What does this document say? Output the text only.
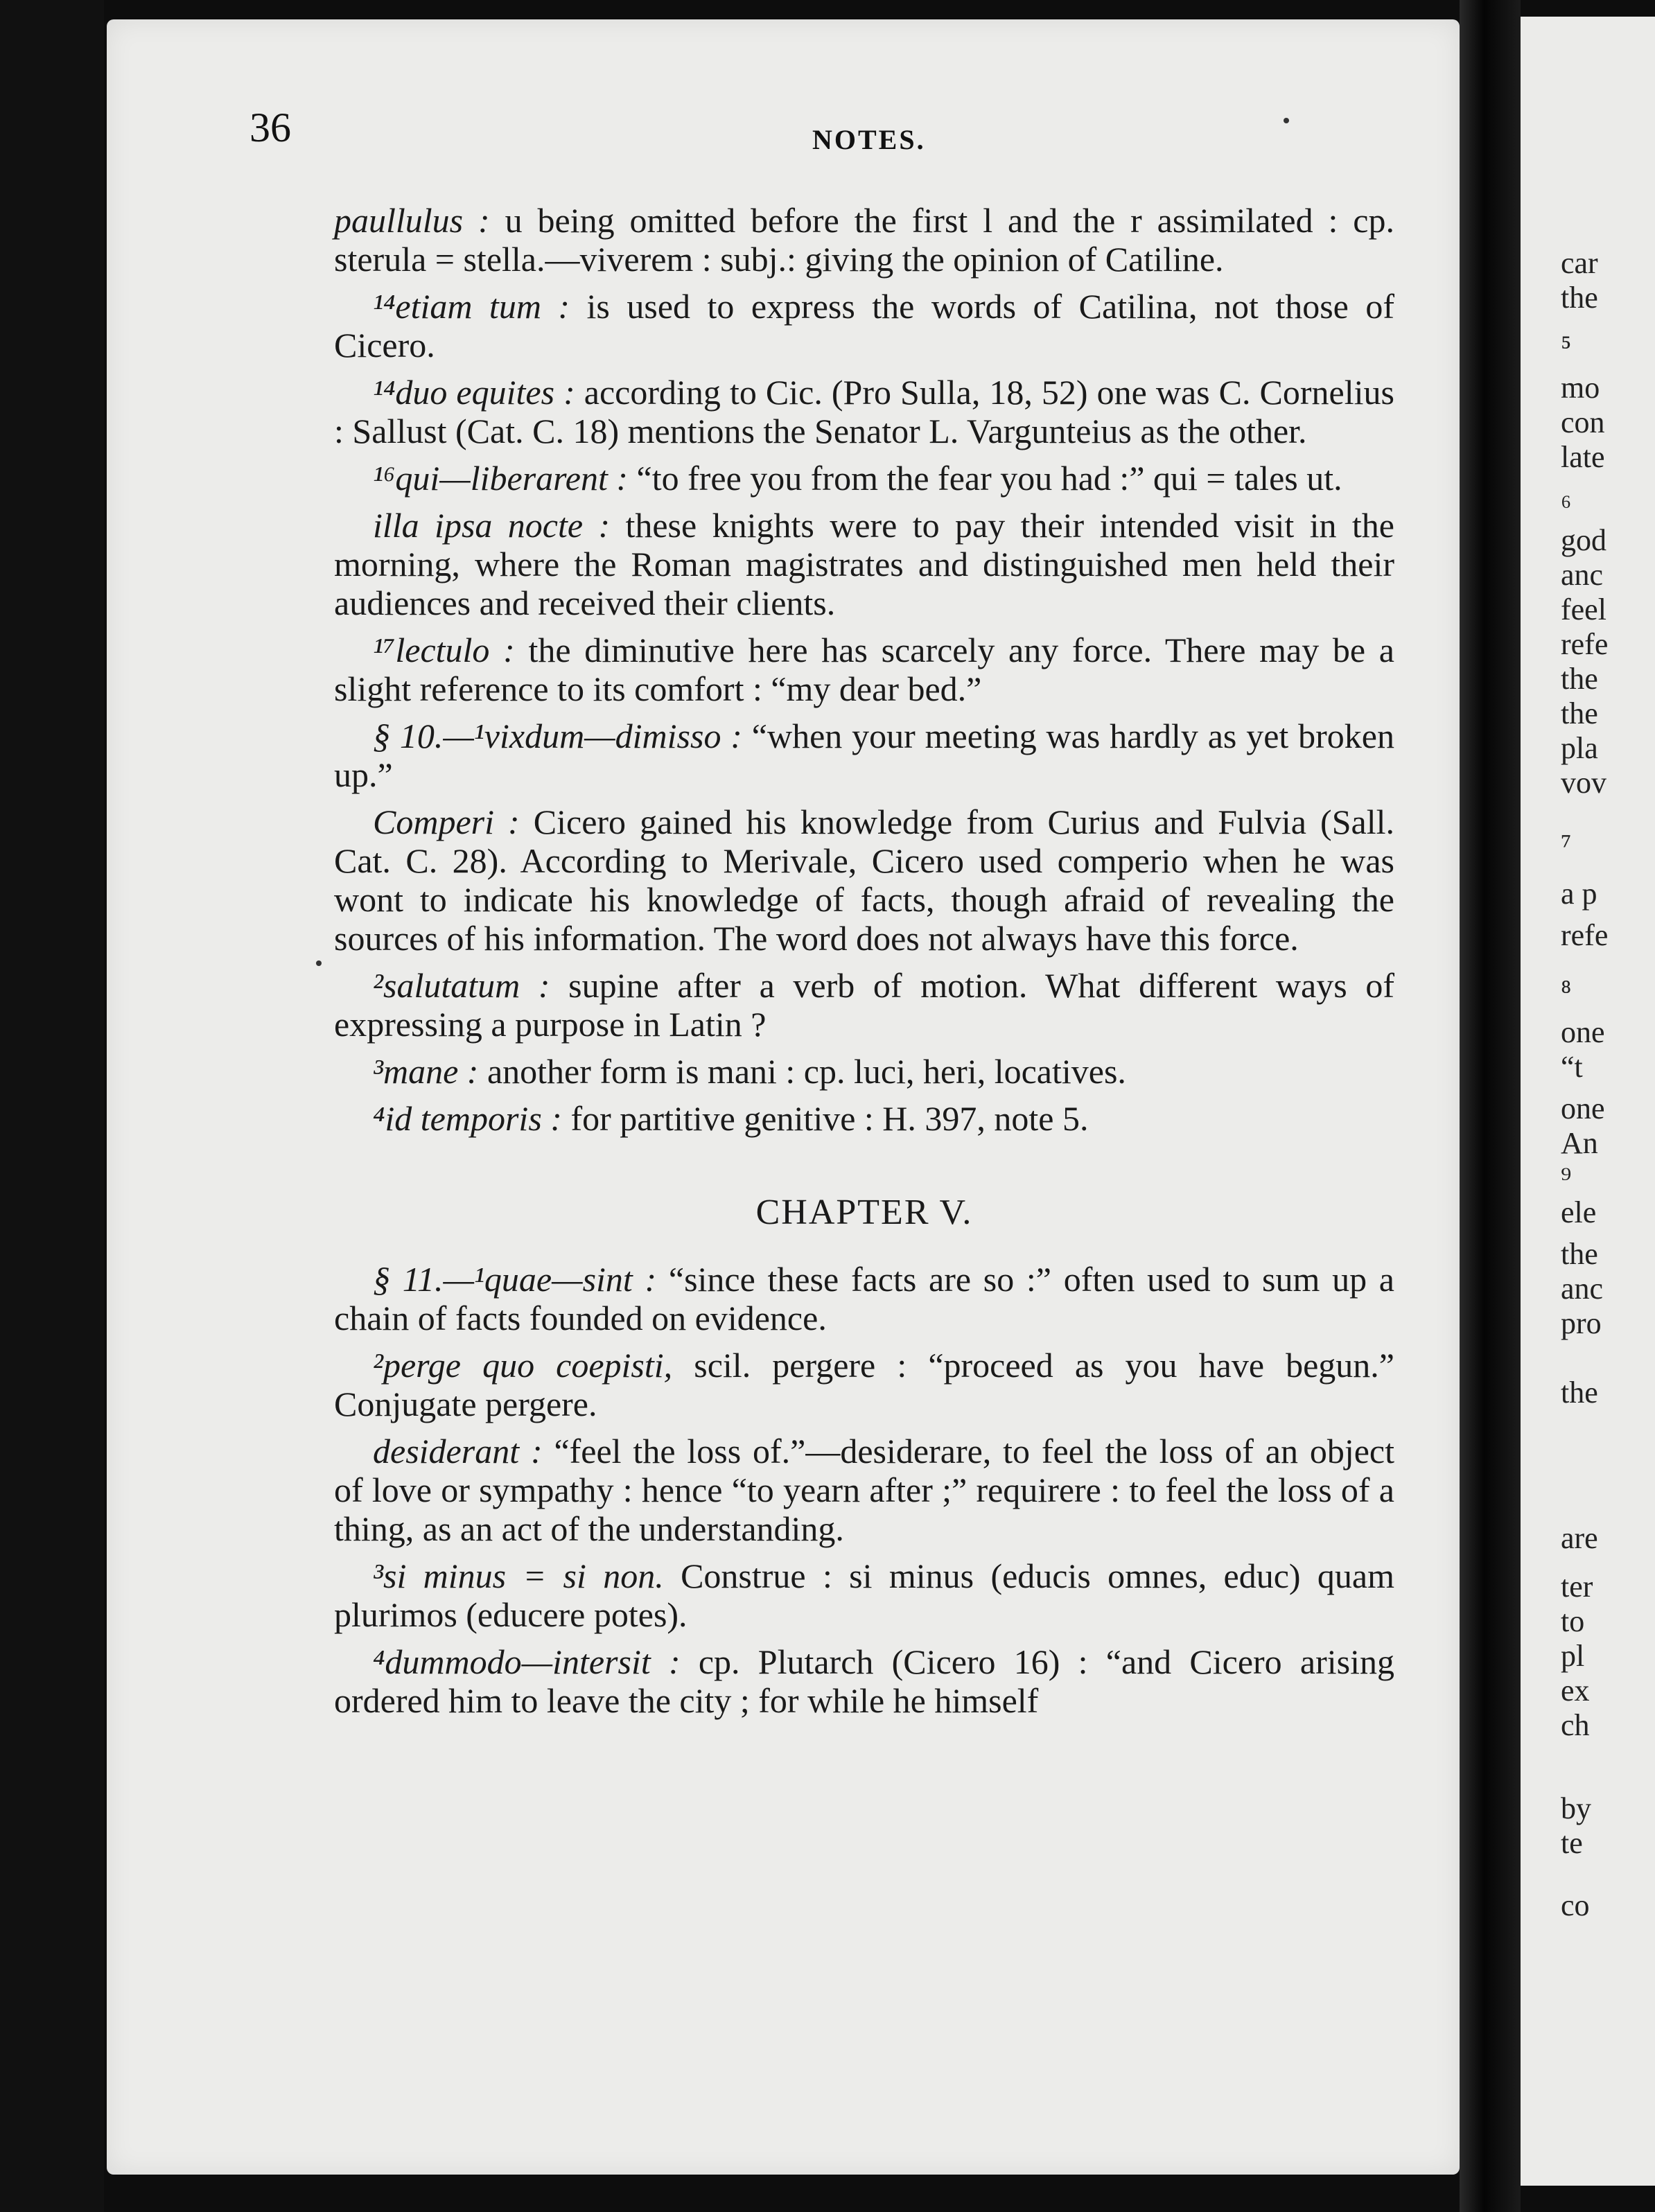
36	NOTES.

paullulus : u being omitted before the first l and the r assimilated : cp. sterula = stella.—viverem : subj.: giving the opinion of Catiline.

¹⁴etiam tum : is used to express the words of Catilina, not those of Cicero.

¹⁴duo equites : according to Cic. (Pro Sulla, 18, 52) one was C. Cornelius : Sallust (Cat. C. 18) mentions the Senator L. Vargunteius as the other.

¹⁶qui—liberarent : “to free you from the fear you had :” qui = tales ut.

illa ipsa nocte : these knights were to pay their intended visit in the morning, where the Roman magistrates and distinguished men held their audiences and received their clients.

¹⁷lectulo : the diminutive here has scarcely any force. There may be a slight reference to its comfort : “my dear bed.”

§ 10.—¹vixdum—dimisso : “when your meeting was hardly as yet broken up.”

Comperi : Cicero gained his knowledge from Curius and Fulvia (Sall. Cat. C. 28). According to Merivale, Cicero used comperio when he was wont to indicate his knowledge of facts, though afraid of revealing the sources of his information. The word does not always have this force.

²salutatum : supine after a verb of motion. What different ways of expressing a purpose in Latin ?

³mane : another form is mani : cp. luci, heri, locatives.

⁴id temporis : for partitive genitive : H. 397, note 5.

CHAPTER V.

§ 11.—¹quae—sint : “since these facts are so :” often used to sum up a chain of facts founded on evidence.

²perge quo coepisti, scil. pergere : “proceed as you have begun.” Conjugate pergere.

desiderant : “feel the loss of.”—desiderare, to feel the loss of an object of love or sympathy : hence “to yearn after ;” requirere : to feel the loss of a thing, as an act of the understanding.

³si minus = si non. Construe : si minus (educis omnes, educ) quam plurimos (educere potes).

⁴dummodo—intersit : cp. Plutarch (Cicero 16) : “and Cicero arising ordered him to leave the city ; for while he himself

car
the
⁵
mo
con
late
⁶
god
anc
feel
refe
the
the
pla
vov
⁷
a p
refe
⁸
one
“t
one
An
⁹
ele
the
anc
pro
the
are
ter
to
pl
ex
ch
by
te
co
